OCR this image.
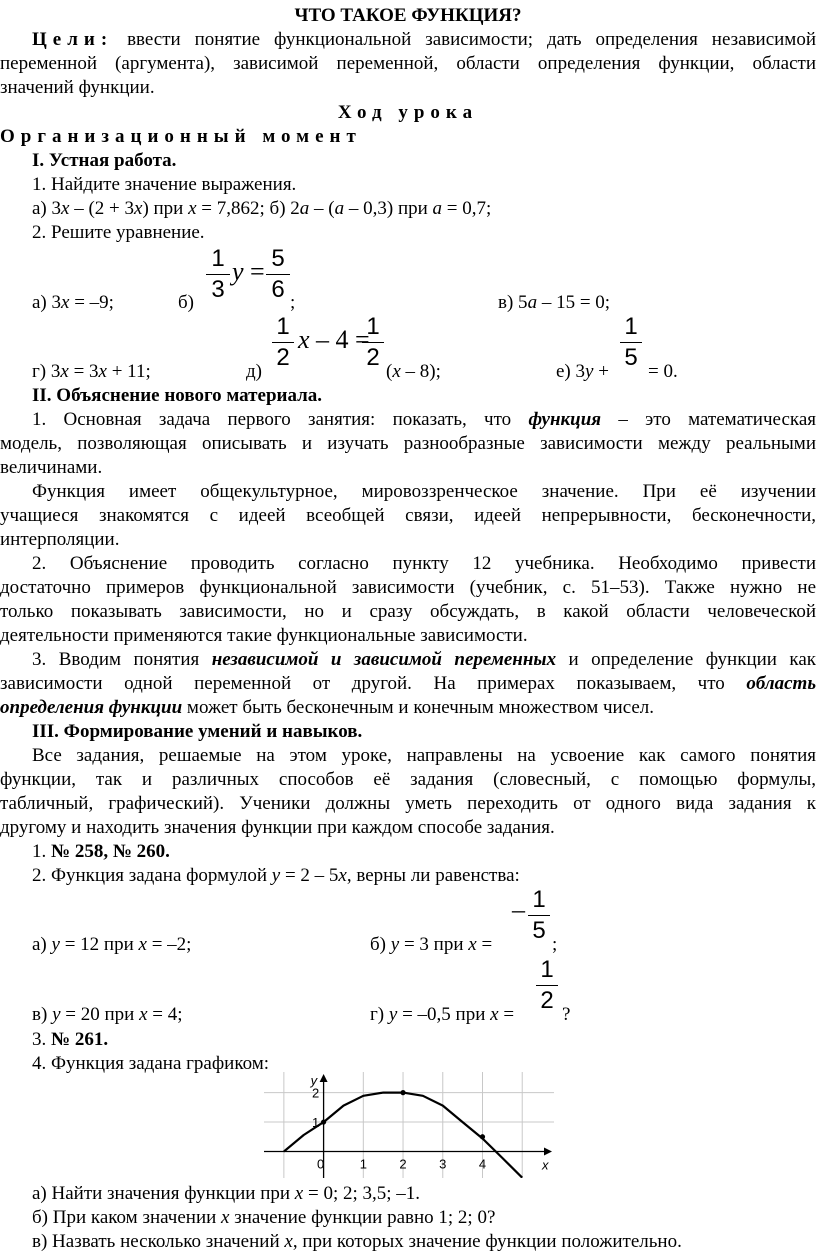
ЧТО ТАКОЕ ФУНКЦИЯ?
Цели: ввести понятие функциональной зависимости; дать определения независимой
переменной (аргумента), зависимой переменной, области определения функции, области
значений функции.
Ход урока
Организационный момент
I. Устная работа.
1. Найдите значение выражения.
а) 3x – (2 + 3x) при x = 7,862; б) 2a – (a – 0,3) при a = 0,7;
2. Решите уравнение.
а) 3x = –9;	б)
1
3
y = 5
6 ;	в) 5a – 15 = 0;
г) 3x = 3x + 11;	д)
1
2
x – 4 =
1
2
(x – 8);	е) 3y +
1
5
= 0.
II. Объяснение нового материала.
1. Основная задача первого занятия: показать, что функция – это математическая
модель, позволяющая описывать и изучать разнообразные зависимости между реальными
величинами.
Функция имеет общекультурное, мировоззренческое значение. При её изучении
учащиеся знакомятся с идеей всеобщей связи, идеей непрерывности, бесконечности,
интерполяции.
2. Объяснение проводить согласно пункту 12 учебника. Необходимо привести
достаточно примеров функциональной зависимости (учебник, с. 51–53). Также нужно не
только показывать зависимости, но и сразу обсуждать, в какой области человеческой
деятельности применяются такие функциональные зависимости.
3. Вводим понятия независимой и зависимой переменных и определение функции как
зависимости одной переменной от другой. На примерах показываем, что область
определения функции может быть бесконечным и конечным множеством чисел.
III. Формирование умений и навыков.
Все задания, решаемые на этом уроке, направлены на усвоение как самого понятия
функции, так и различных способов её задания (словесный, с помощью формулы,
табличный, графический). Ученики должны уметь переходить от одного вида задания к
другому и находить значения функции при каждом способе задания.
1. № 258, № 260.
2. Функция задана формулой y = 2 – 5x, верны ли равенства:
а) y = 12 при x = –2;	б) y = 3 при x =
– 1
5
;
в) y = 20 при x = 4;	г) y = –0,5 при x =
1
2
?
3. № 261.
4. Функция задана графиком:
0	1 2 3 4
1
2
x
y
а) Найти значения функции при x = 0; 2; 3,5; –1.
б) При каком значении x значение функции равно 1; 2; 0?
в) Назвать несколько значений x, при которых значение функции положительно.
